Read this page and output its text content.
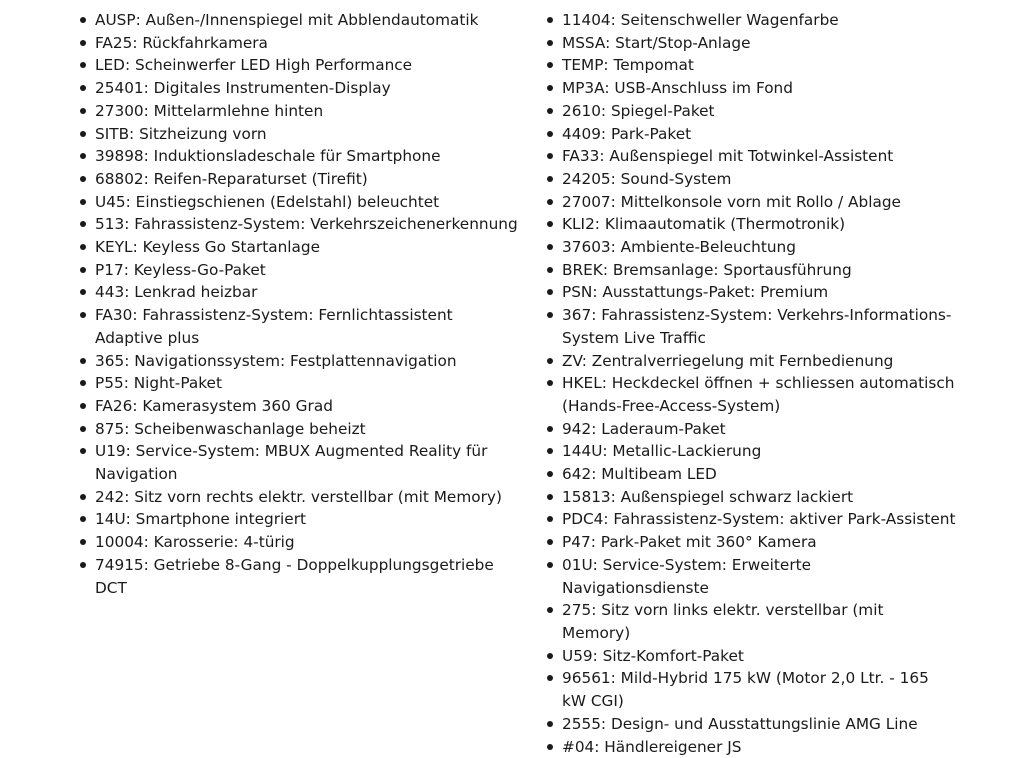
AUSP: Außen-/Innenspiegel mit Abblendautomatik
FA25: Rückfahrkamera
LED: Scheinwerfer LED High Performance
25401: Digitales Instrumenten-Display
27300: Mittelarmlehne hinten
SITB: Sitzheizung vorn
39898: Induktionsladeschale für Smartphone
68802: Reifen-Reparaturset (Tirefit)
U45: Einstiegschienen (Edelstahl) beleuchtet
513: Fahrassistenz-System: Verkehrszeichenerkennung
KEYL: Keyless Go Startanlage
P17: Keyless-Go-Paket
443: Lenkrad heizbar
FA30: Fahrassistenz-System: Fernlichtassistent Adaptive plus
365: Navigationssystem: Festplattennavigation
P55: Night-Paket
FA26: Kamerasystem 360 Grad
875: Scheibenwaschanlage beheizt
U19: Service-System: MBUX Augmented Reality für Navigation
242: Sitz vorn rechts elektr. verstellbar (mit Memory)
14U: Smartphone integriert
10004: Karosserie: 4-türig
74915: Getriebe 8-Gang - Doppelkupplungsgetriebe DCT
11404: Seitenschweller Wagenfarbe
MSSA: Start/Stop-Anlage
TEMP: Tempomat
MP3A: USB-Anschluss im Fond
2610: Spiegel-Paket
4409: Park-Paket
FA33: Außenspiegel mit Totwinkel-Assistent
24205: Sound-System
27007: Mittelkonsole vorn mit Rollo / Ablage
KLI2: Klimaautomatik (Thermotronik)
37603: Ambiente-Beleuchtung
BREK: Bremsanlage: Sportausführung
PSN: Ausstattungs-Paket: Premium
367: Fahrassistenz-System: Verkehrs-Informations-System Live Traffic
ZV: Zentralverriegelung mit Fernbedienung
HKEL: Heckdeckel öffnen + schliessen automatisch (Hands-Free-Access-System)
942: Laderaum-Paket
144U: Metallic-Lackierung
642: Multibeam LED
15813: Außenspiegel schwarz lackiert
PDC4: Fahrassistenz-System: aktiver Park-Assistent
P47: Park-Paket mit 360° Kamera
01U: Service-System: Erweiterte Navigationsdienste
275: Sitz vorn links elektr. verstellbar (mit Memory)
U59: Sitz-Komfort-Paket
96561: Mild-Hybrid 175 kW (Motor 2,0 Ltr. - 165 kW CGI)
2555: Design- und Ausstattungslinie AMG Line
#04: Händlereigener JS
